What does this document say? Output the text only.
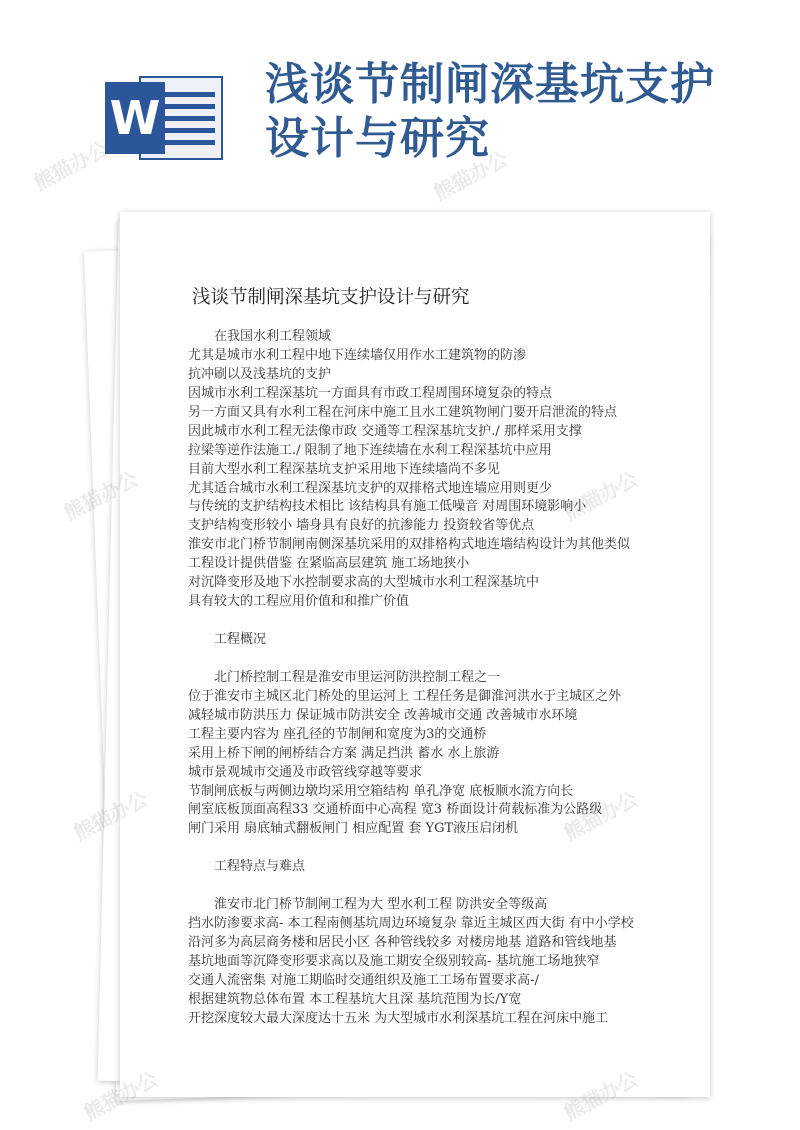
W
浅谈节制闸深基坑支护设计与研究
浅谈节制闸深基坑支护设计与研究
在我国水利工程领域
尤其是城市水利工程中地下连续墙仅用作水工建筑物的防渗
抗冲刷以及浅基坑的支护
因城市水利工程深基坑一方面具有市政工程周围环境复杂的特点
另一方面又具有水利工程在河床中施工且水工建筑物闸门要开启泄流的特点
因此城市水利工程无法像市政 交通等工程深基坑支护./ 那样采用支撑
拉梁等逆作法施工./ 限制了地下连续墙在水利工程深基坑中应用
目前大型水利工程深基坑支护采用地下连续墙尚不多见
尤其适合城市水利工程深基坑支护的双排格式地连墙应用则更少
与传统的支护结构技术相比 该结构具有施工低噪音 对周围环境影响小
支护结构变形较小 墙身具有良好的抗渗能力 投资较省等优点
淮安市北门桥节制闸南侧深基坑采用的双排格构式地连墙结构设计为其他类似
工程设计提供借鉴 在紧临高层建筑 施工场地狭小
对沉降变形及地下水控制要求高的大型城市水利工程深基坑中
具有较大的工程应用价值和和推广价值
工程概况
北门桥控制工程是淮安市里运河防洪控制工程之一
位于淮安市主城区北门桥处的里运河上 工程任务是御淮河洪水于主城区之外
减轻城市防洪压力 保证城市防洪安全 改善城市交通 改善城市水环境
工程主要内容为 座孔径的节制闸和宽度为3的交通桥
采用上桥下闸的闸桥结合方案 满足挡洪 蓄水 水上旅游
城市景观城市交通及市政管线穿越等要求
节制闸底板与两侧边墩均采用空箱结构 单孔净宽 底板顺水流方向长
闸室底板顶面高程33 交通桥面中心高程 宽3 桥面设计荷载标准为公路级
闸门采用 扇底轴式翻板闸门 相应配置 套 YGT液压启闭机
工程特点与难点
淮安市北门桥节制闸工程为大 型水利工程 防洪安全等级高
挡水防渗要求高- 本工程南侧基坑周边环境复杂 靠近主城区西大街 有中小学校
沿河多为高层商务楼和居民小区 各种管线较多 对楼房地基 道路和管线地基
基坑地面等沉降变形要求高以及施工期安全级别较高- 基坑施工场地狭窄
交通人流密集 对施工期临时交通组织及施工工场布置要求高-/
根据建筑物总体布置 本工程基坑大且深 基坑范围为长/Y宽
开挖深度较大最大深度达十五米 为大型城市水利深基坑工程在河床中施工
熊猫办公	熊猫办公
